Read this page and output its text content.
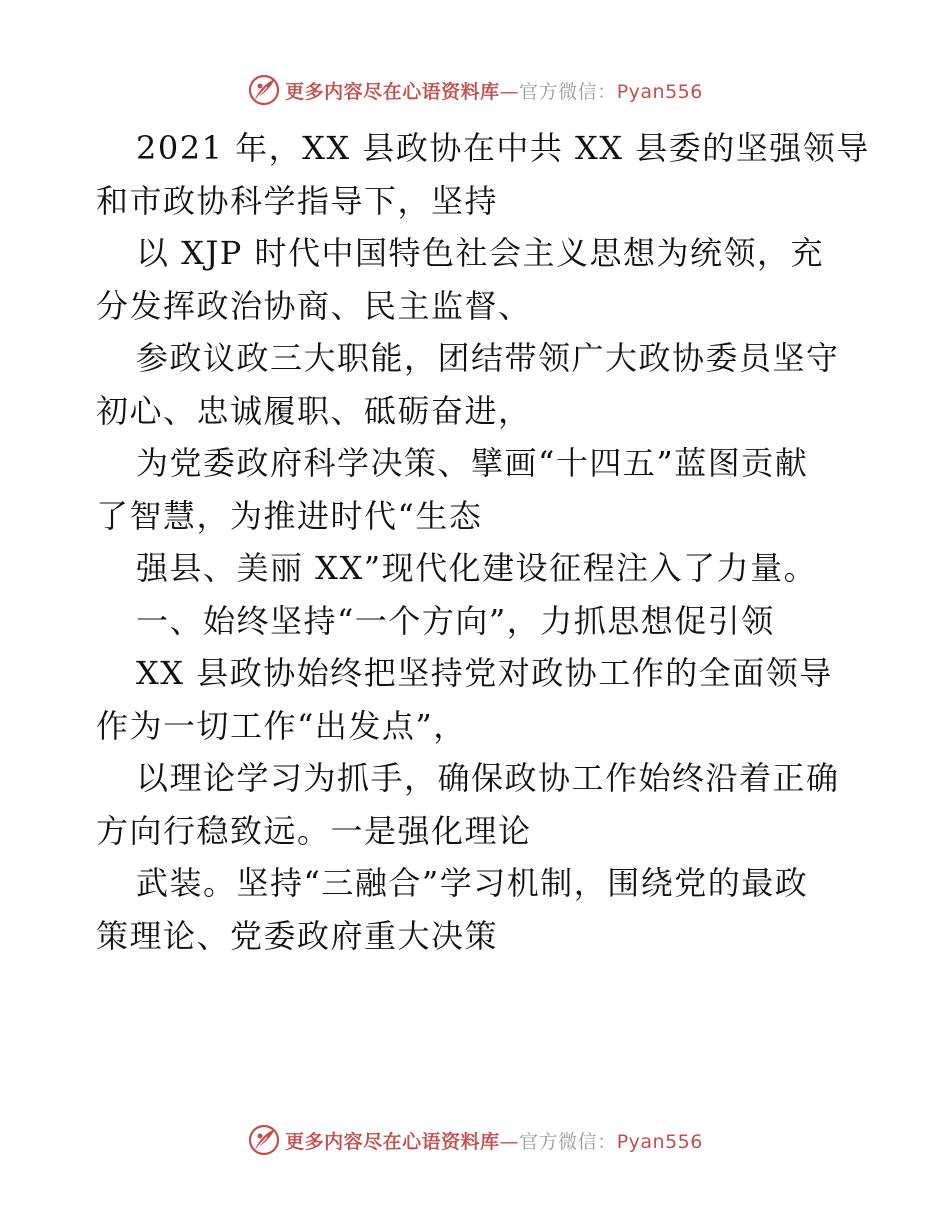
更多内容尽在心语资料库—官方微信：Pyan556
2021 年，XX 县政协在中共 XX 县委的坚强领导
和市政协科学指导下，坚持
以 XJP 时代中国特色社会主义思想为统领，充
分发挥政治协商、民主监督、
参政议政三大职能，团结带领广大政协委员坚守
初心、忠诚履职、砥砺奋进，
为党委政府科学决策、擘画“十四五”蓝图贡献
了智慧，为推进时代“生态
强县、美丽 XX”现代化建设征程注入了力量。
一、始终坚持“一个方向”，力抓思想促引领
XX 县政协始终把坚持党对政协工作的全面领导
作为一切工作“出发点”，
以理论学习为抓手，确保政协工作始终沿着正确
方向行稳致远。一是强化理论
武装。坚持“三融合”学习机制，围绕党的最政
策理论、党委政府重大决策
更多内容尽在心语资料库—官方微信：Pyan556
